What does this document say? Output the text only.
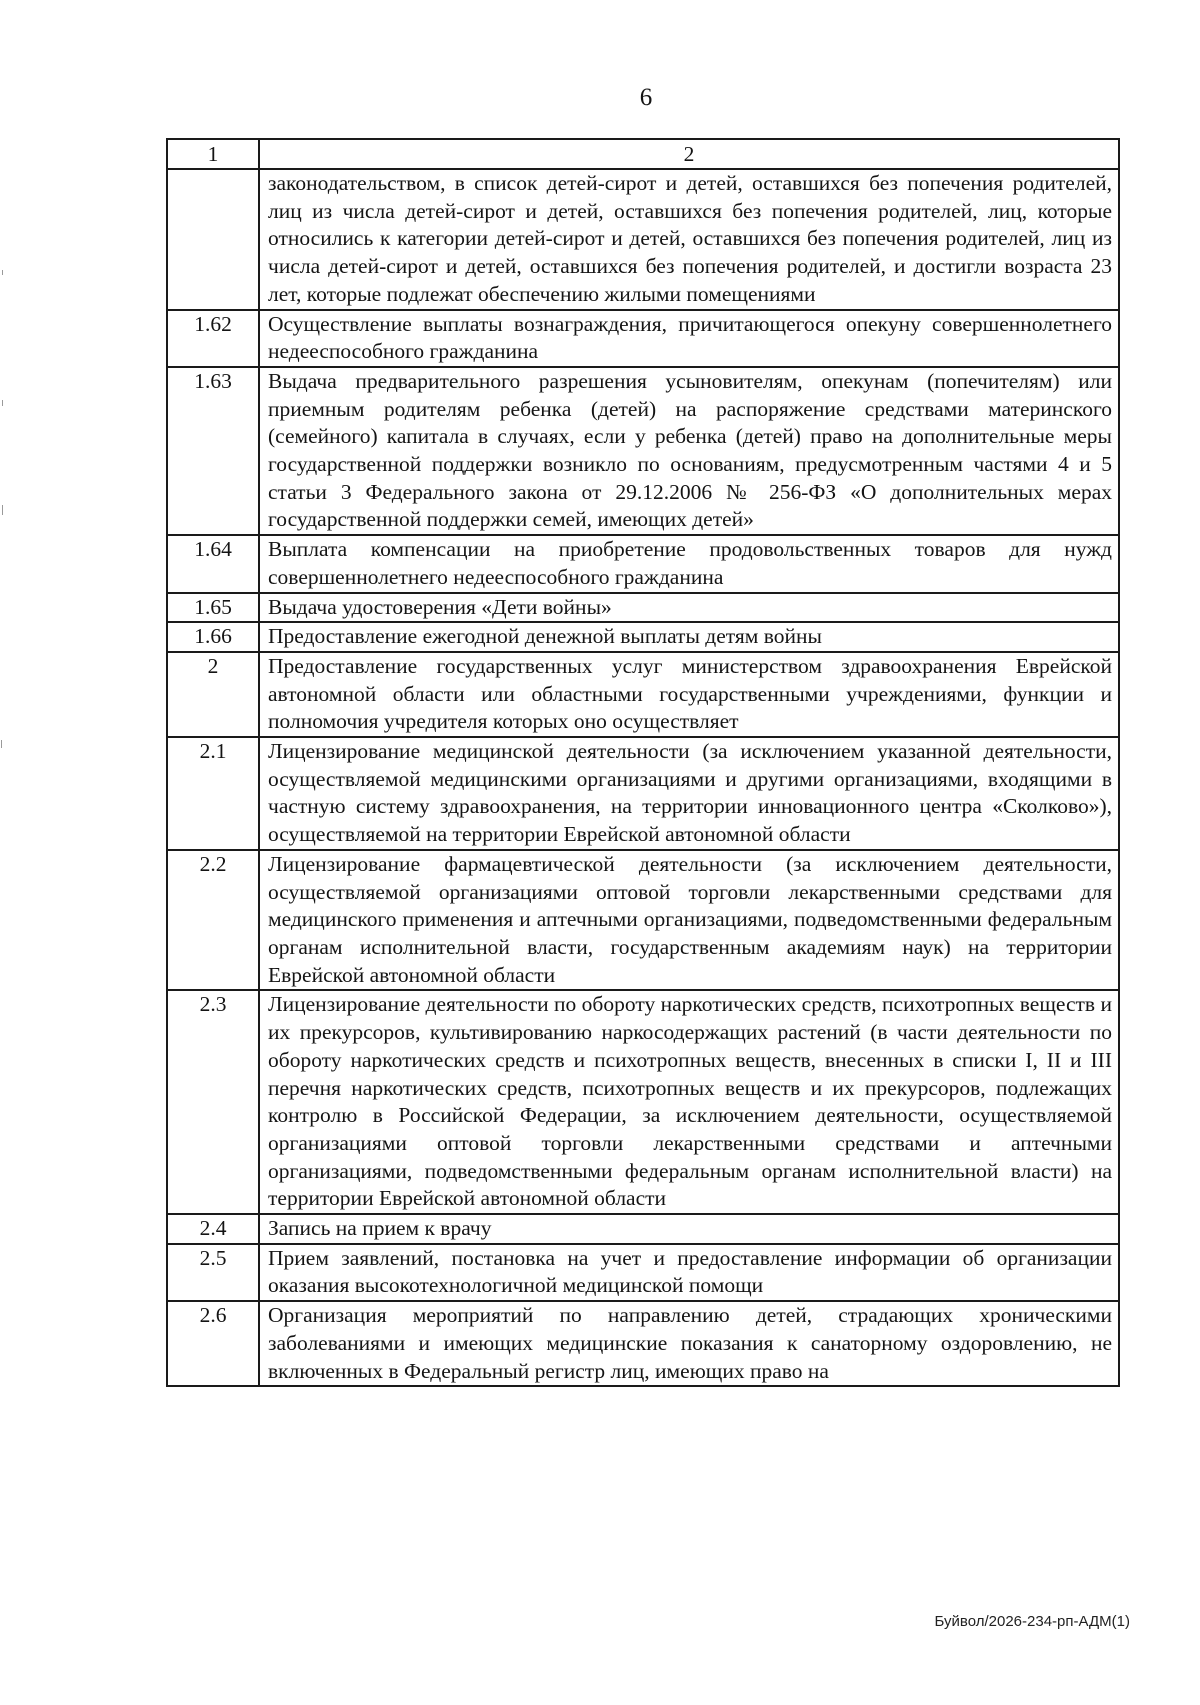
6
1	2
	законодательством, в список детей-сирот и детей, оставшихся без попечения родителей, лиц из числа детей-сирот и детей, оставшихся без попечения родителей, лиц, которые относились к категории детей-сирот и детей, оставшихся без попечения родителей, лиц из числа детей-сирот и детей, оставшихся без попечения родителей, и достигли возраста 23 лет, которые подлежат обеспечению жилыми помещениями
1.62	Осуществление выплаты вознаграждения, причитающегося опекуну совершеннолетнего недееспособного гражданина
1.63	Выдача предварительного разрешения усыновителям, опекунам (попечителям) или приемным родителям ребенка (детей) на распоряжение средствами материнского (семейного) капитала в случаях, если у ребенка (детей) право на дополнительные меры государственной поддержки возникло по основаниям, предусмотренным частями 4 и 5 статьи 3 Федерального закона от 29.12.2006 № 256-ФЗ «О дополнительных мерах государственной поддержки семей, имеющих детей»
1.64	Выплата компенсации на приобретение продовольственных товаров для нужд совершеннолетнего недееспособного гражданина
1.65	Выдача удостоверения «Дети войны»
1.66	Предоставление ежегодной денежной выплаты детям войны
2	Предоставление государственных услуг министерством здравоохранения Еврейской автономной области или областными государственными учреждениями, функции и полномочия учредителя которых оно осуществляет
2.1	Лицензирование медицинской деятельности (за исключением указанной деятельности, осуществляемой медицинскими организациями и другими организациями, входящими в частную систему здравоохранения, на территории инновационного центра «Сколково»), осуществляемой на территории Еврейской автономной области
2.2	Лицензирование фармацевтической деятельности (за исключением деятельности, осуществляемой организациями оптовой торговли лекарственными средствами для медицинского применения и аптечными организациями, подведомственными федеральным органам исполнительной власти, государственным академиям наук) на территории Еврейской автономной области
2.3	Лицензирование деятельности по обороту наркотических средств, психотропных веществ и их прекурсоров, культивированию наркосодержащих растений (в части деятельности по обороту наркотических средств и психотропных веществ, внесенных в списки I, II и III перечня наркотических средств, психотропных веществ и их прекурсоров, подлежащих контролю в Российской Федерации, за исключением деятельности, осуществляемой организациями оптовой торговли лекарственными средствами и аптечными организациями, подведомственными федеральным органам исполнительной власти) на территории Еврейской автономной области
2.4	Запись на прием к врачу
2.5	Прием заявлений, постановка на учет и предоставление информации об организации оказания высокотехнологичной медицинской помощи
2.6	Организация мероприятий по направлению детей, страдающих хроническими заболеваниями и имеющих медицинские показания к санаторному оздоровлению, не включенных в Федеральный регистр лиц, имеющих право на
Буйвол/2026-234-рп-АДМ(1)
